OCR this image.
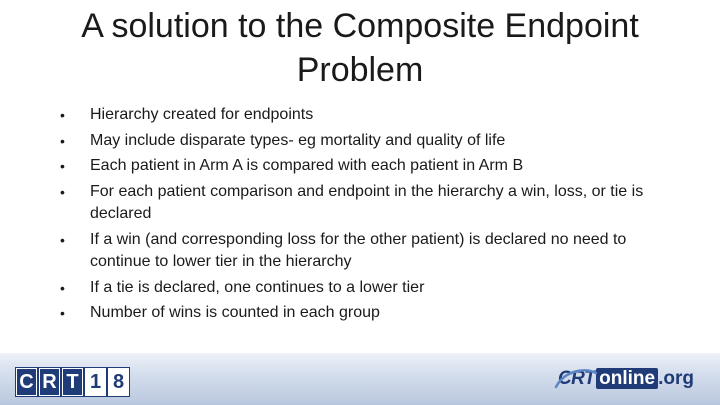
A solution to the Composite Endpoint Problem
• Hierarchy created for endpoints
• May include disparate types- eg mortality and quality of life
• Each patient in Arm A is compared with each patient in Arm B
• For each patient comparison and endpoint in the hierarchy a win, loss, or tie is declared
• If a win (and corresponding loss for the other patient) is declared no need to continue to lower tier in the hierarchy
• If a tie is declared, one continues to a lower tier
• Number of wins is counted in each group
C R T 1 8	CRT online .org
